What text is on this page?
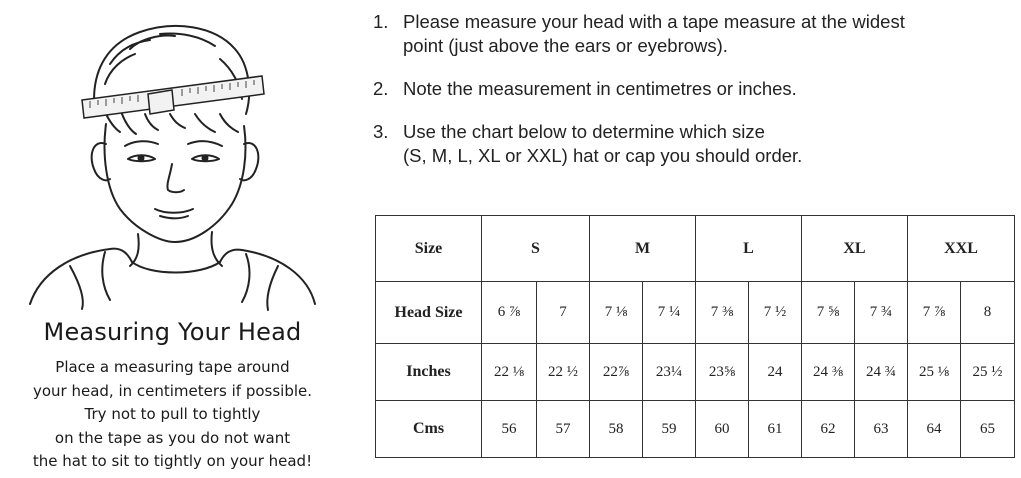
Measuring Your Head
Place a measuring tape around
your head, in centimeters if possible.
Try not to pull to tightly
on the tape as you do not want
the hat to sit to tightly on your head!
1. Please measure your head with a tape measure at the widest
point (just above the ears or eyebrows).
2. Note the measurement in centimetres or inches.
3. Use the chart below to determine which size
(S, M, L, XL or XXL) hat or cap you should order.
Size	S		M		L		XL		XXL	
Head Size	6 ⅞	7	7 ⅛	7 ¼	7 ⅜	7 ½	7 ⅝	7 ¾	7 ⅞	8
Inches	22 ⅛	22 ½	22⅞	23¼	23⅝	24	24 ⅜	24 ¾	25 ⅛	25 ½
Cms	56	57	58	59	60	61	62	63	64	65
